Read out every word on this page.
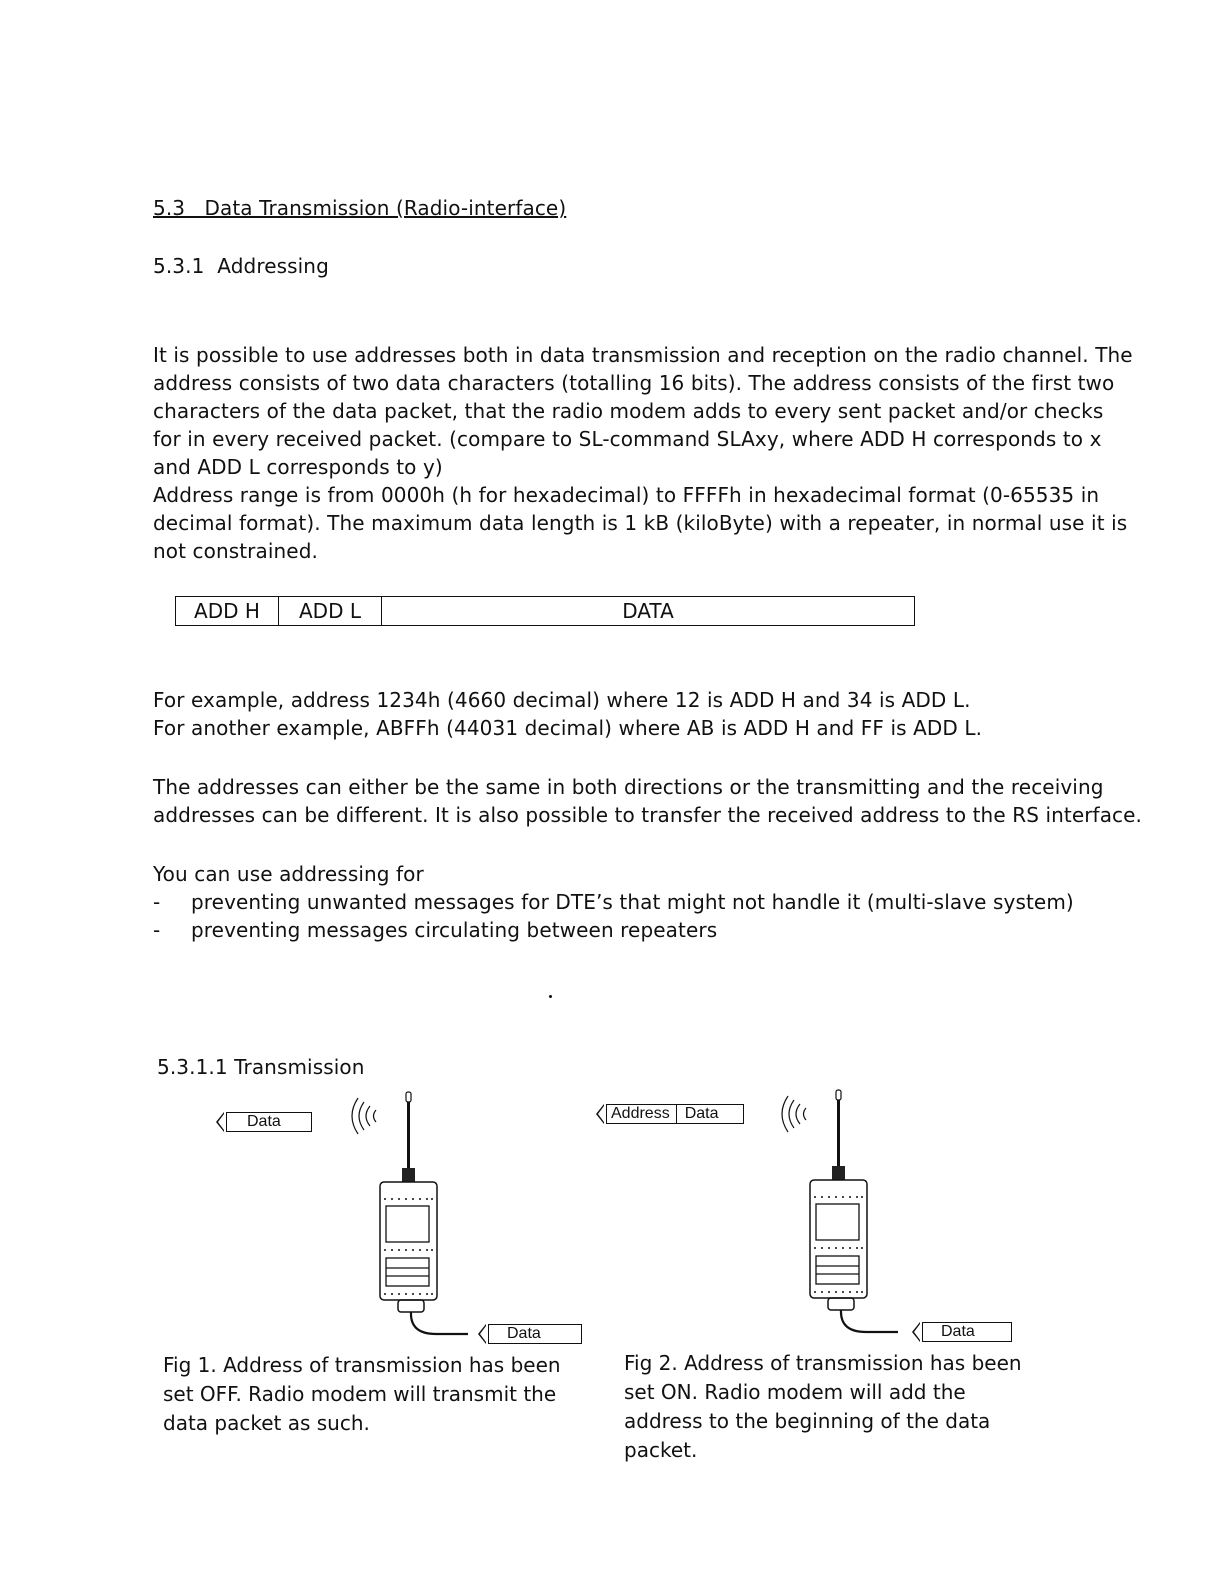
5.3   Data Transmission (Radio-interface)
5.3.1  Addressing
It is possible to use addresses both in data transmission and reception on the radio channel. The
address consists of two data characters (totalling 16 bits). The address consists of the first two
characters of the data packet, that the radio modem adds to every sent packet and/or checks
for in every received packet. (compare to SL-command SLAxy, where ADD H corresponds to x
and ADD L corresponds to y)
Address range is from 0000h (h for hexadecimal) to FFFFh in hexadecimal format (0-65535 in
decimal format). The maximum data length is 1 kB (kiloByte) with a repeater, in normal use it is
not constrained.
ADD H	ADD L	DATA
For example, address 1234h (4660 decimal) where 12 is ADD H and 34 is ADD L.
For another example, ABFFh (44031 decimal) where AB is ADD H and FF is ADD L.
The addresses can either be the same in both directions or the transmitting and the receiving
addresses can be different. It is also possible to transfer the received address to the RS interface.
You can use addressing for
- preventing unwanted messages for DTE’s that might not handle it (multi-slave system)
- preventing messages circulating between repeaters
5.3.1.1 Transmission
Data
Data
Fig 1. Address of transmission has been
set OFF. Radio modem will transmit the
data packet as such.
Address Data
Data
Fig 2. Address of transmission has been
set ON. Radio modem will add the
address to the beginning of the data
packet.
